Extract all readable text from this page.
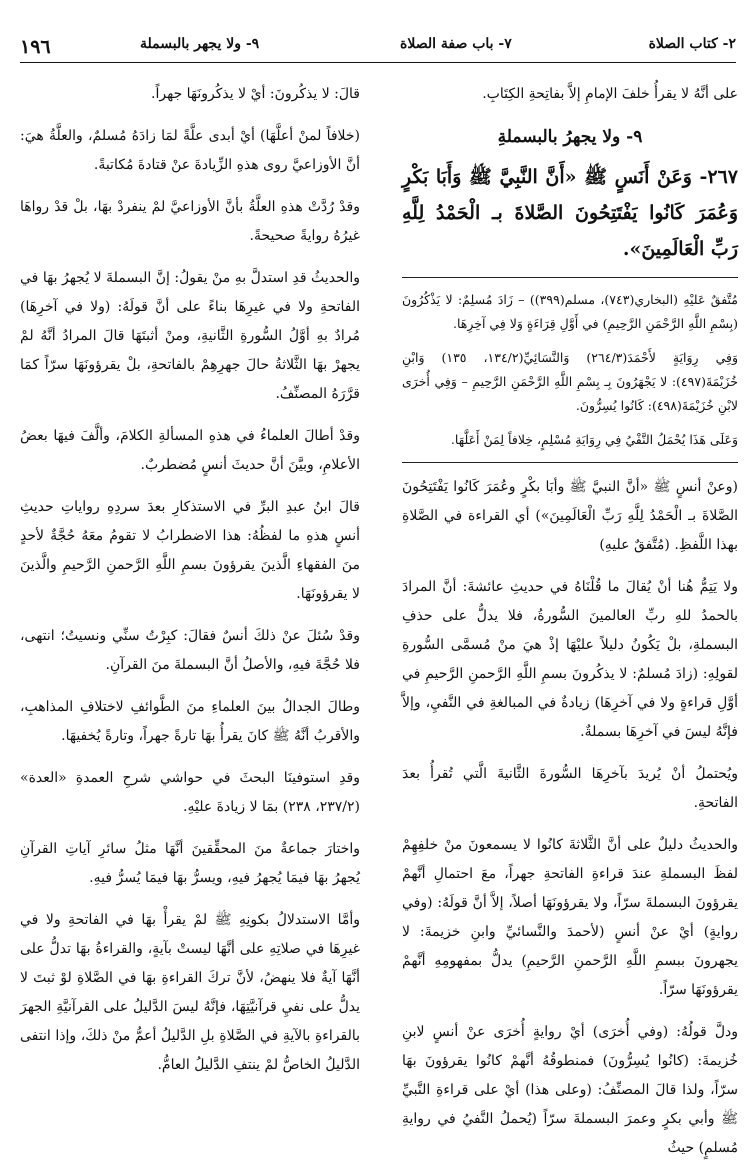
١٩٦	٩- ولا يجهر بالبسملة	٧- باب صفة الصلاة	٢- كتاب الصلاة

على أنَّهُ لا يقرأُ خلفَ الإمامِ إلاَّ بفاتِحةِ الكِتَابِ.

٩- ولا يجهرُ بالبسملةِ

٢٦٧- وَعَنْ أَنَسٍ ﷺ «أَنَّ النَّبِيَّ ﷺ وَأَبَا بَكْرٍ وَعُمَرَ كَانُوا يَفْتَتِحُونَ الصَّلاةَ بـ الْحَمْدُ لِلَّهِ رَبِّ الْعَالَمِينَ».

مُتَّفقٌ عَليْهِ (البخاري(٧٤٣)، مسلم(٣٩٩)) – زَادَ مُسلِمٌ: لا يَذْكُرُونَ (بِسْمِ اللَّهِ الرَّحْمَنِ الرَّحِيمِ) في أَوَّلِ قِرَاءَةٍ وَلا فِي آخِرِهَا.

وَفِي رِوَايَةٍ لأَحْمَدَ(٢٦٤/٣) وَالنَّسَائِيِّ(١٣٤/٢، ١٣٥) وَابْنِ خُزَيْمَةَ(٤٩٧): لا يَجْهَرُونَ بِـ بِسْمِ اللَّهِ الرَّحْمَنِ الرَّحِيمِ – وَفِي أُخرَى لابْنِ خُزَيْمَةَ(٤٩٨): كَانُوا يُسِرُّونَ.

وَعَلَى هَذَا يُحْمَلُ النَّفْيُ فِي رِوَايَةِ مُسْلِمٍ، خِلافاً لِمَنْ أَعَلَّهَا.

(وعنْ أنسٍ ﷺ «أنَّ النبيَّ ﷺ وأبَا بكْرٍ وعُمَرَ كَانُوا يَفْتَتِحُونَ الصَّلاةَ بـ الْحَمْدُ لِلَّهِ رَبِّ الْعَالَمِينَ») أي القراءة في الصَّلاةِ بهذا اللَّفظِ. (مُتَّفقٌ عليهِ)

ولا يَتِمُّ هُنا أنْ يُقالَ ما قُلْنَاهُ في حديثِ عائشةَ: أنَّ المرادَ بالحمدُ للهِ ربِّ العالمينَ السُّورةُ، فلا يدلُّ على حذفِ البسملةِ، بلْ يَكُونُ دليلاً عليْهَا إذْ هيَ منْ مُسمَّى السُّورةِ لقولِهِ: (زادَ مُسلمٌ: لا يذكُرونَ بسمِ اللَّهِ الرَّحمنِ الرَّحيمِ في أوَّلِ قراءةٍ ولا في آخرِهَا) زيادةٌ في المبالغةِ في النَّفيِ، وإلاَّ فإنَّهُ ليسَ في آخرِهَا بسملةٌ.

ويُحتملُ أنْ يُريدَ بآخرِهَا السُّورةَ الثَّانيةَ الَّتي تُقرأُ بعدَ الفاتحةِ.

والحديثُ دليلٌ على أنَّ الثَّلاثةَ كانُوا لا يسمعونَ منْ خلفِهِمْ لفظَ البسملةِ عندَ قراءةِ الفاتحةِ جهراً، معَ احتمالِ أنَّهمْ يقرؤونَ البسملةَ سرّاً، ولا يقرؤونَهَا أصلاً، إلاَّ أنَّ قولَهُ: (وفي روايةٍ) أيْ عنْ أنسٍ (لأحمدَ والنَّسائيِّ وابنِ خزيمةَ: لا يجهرونَ ببسمِ اللَّهِ الرَّحمنِ الرَّحيمِ) يدلُّ بمفهومِهِ أنَّهمْ يقرؤونَهَا سرّاً.

ودلَّ قولُهُ: (وفي أُخرَى) أيْ روايةٍ أُخرَى عنْ أنسٍ لابنِ خُزيمةَ: (كانُوا يُسِرُّونَ) فمنطوقُهُ أنَّهمْ كانُوا يقرؤونَ بهَا سرّاً، ولذا قالَ المصنِّفُ: (وعلى هذا) أيْ على قراءةِ النَّبيِّ ﷺ وأبي بكرٍ وعمرَ البسملةَ سرّاً (يُحملُ النَّفيُ في روايةِ مُسلمٍ) حيثُ

قالَ: لا يذكُرونَ: أيْ لا يذكُرونَهَا جهراً.

(خلافاً لمنْ أعلَّهَا) أيْ أبدى علَّةً لمَا زادَهُ مُسلمٌ، والعلَّةُ هيَ: أنَّ الأوزاعيَّ روى هذهِ الزِّيادةَ عنْ قتادةَ مُكاتبةً.

وقدْ رُدَّتْ هذهِ العلَّةُ بأنَّ الأوزاعيَّ لمْ ينفردْ بهَا، بلْ قدْ رواهَا غيرُهُ روايةً صحيحةً.

والحديثُ قدِ استدلَّ بهِ منْ يقولُ: إنَّ البسملةَ لا يُجهرُ بهَا في الفاتحةِ ولا في غيرِهَا بناءً على أنَّ قولَهُ: (ولا في آخرِهَا) مُرادٌ بهِ أوَّلُ السُّورةِ الثَّانيةِ، ومنْ أثبتَهَا قالَ المرادُ أنَّهُ لمْ يجهرْ بهَا الثَّلاثةُ حالَ جهرِهِمْ بالفاتحةِ، بلْ يقرؤونَهَا سرّاً كمَا قرَّرَهُ المصنِّفُ.

وقدْ أطالَ العلماءُ في هذهِ المسألةِ الكلامَ، وألَّفَ فيهَا بعضُ الأعلامِ، وبيَّنَ أنَّ حديثَ أنسٍ مُضطربٌ.

قالَ ابنُ عبدِ البرِّ في الاستذكارِ بعدَ سردِهِ رواياتِ حديثِ أنسٍ هذهِ ما لفظُهُ: هذا الاضطرابُ لا تقومُ معَهُ حُجَّةٌ لأحدٍ منَ الفقهاءِ الَّذينَ يقرؤونَ بسمِ اللَّهِ الرَّحمنِ الرَّحيمِ والَّذينَ لا يقرؤونَهَا.

وقدْ سُئلَ عنْ ذلكَ أنسٌ فقالَ: كبِرْتُ سنِّي ونسيتُ؛ انتهى، فلا حُجَّةَ فيهِ، والأصلُ أنَّ البسملةَ منَ القرآنِ.

وطالَ الجدالُ بينَ العلماءِ منَ الطَّوائفِ لاختلافِ المذاهبِ، والأقربُ أنَّهُ ﷺ كانَ يقرأُ بهَا تارةً جهراً، وتارةً يُخفيهَا.

وقدِ استوفينَا البحثَ في حواشي شرحِ العمدةِ «العدة» (٢٣٧/٢، ٢٣٨) بمَا لا زيادةَ عليْهِ.

واختارَ جماعةٌ منَ المحقِّقينَ أنَّهَا مثلُ سائرِ آياتِ القرآنِ يُجهرُ بهَا فيمَا يُجهرُ فيهِ، ويسرُّ بهَا فيمَا يُسرُّ فيهِ.

وأمَّا الاستدلالُ بكونِهِ ﷺ لمْ يقرأْ بهَا في الفاتحةِ ولا في غيرِهَا في صلاتِهِ على أنَّهَا ليستْ بآيةٍ، والقراءةُ بهَا تدلُّ على أنَّهَا آيةٌ فلا ينهضُ، لأنَّ تركَ القراءةِ بهَا في الصَّلاةِ لوْ ثبتَ لا يدلُّ على نفيِ قرآنيَّتِهَا، فإنَّهُ ليسَ الدَّليلُ على القرآنيَّةِ الجهرَ بالقراءةِ بالآيةِ في الصَّلاةِ بلِ الدَّليلُ أعمُّ منْ ذلكَ، وإذا انتفى الدَّليلُ الخاصُّ لمْ ينتفِ الدَّليلُ العامُّ.
